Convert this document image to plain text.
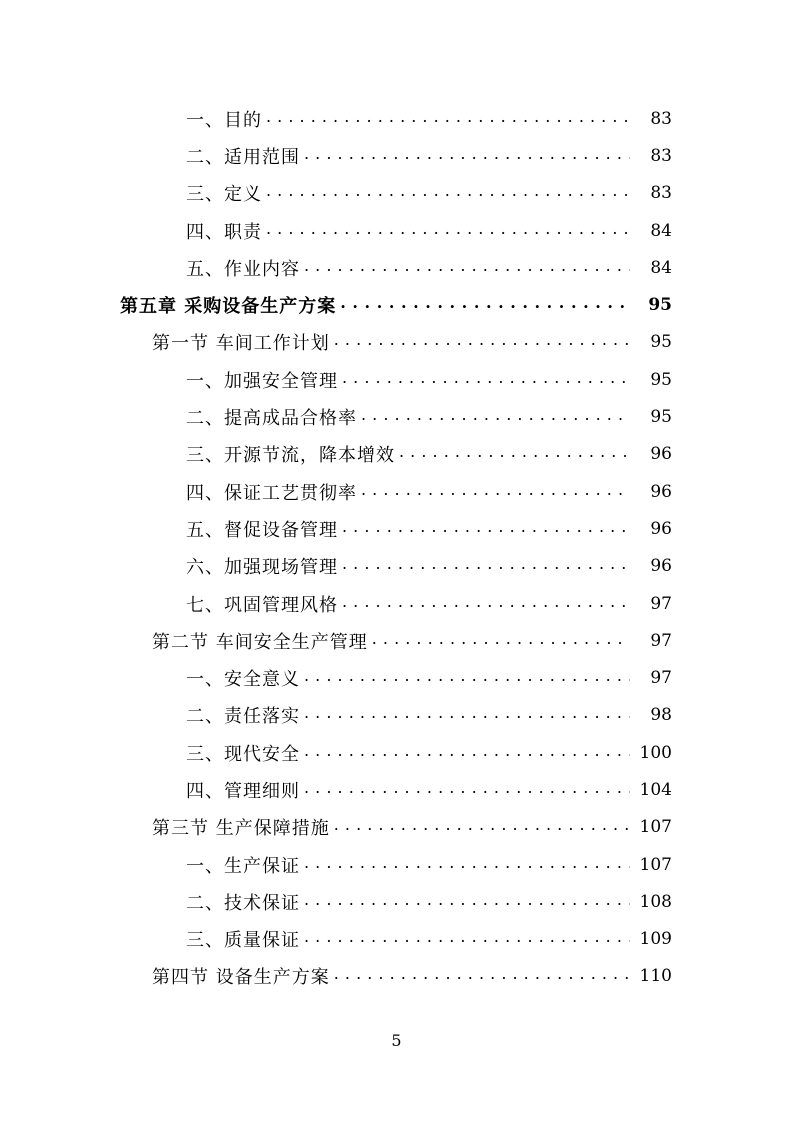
一、目的 . . .	83
二、适用范围 . . .	83
三、定义 . . .	83
四、职责 . . .	84
五、作业内容 . . .	84
第五章 采购设备生产方案 . . .	95
第一节 车间工作计划 . . .	95
一、加强安全管理 . . .	95
二、提高成品合格率 . . .	95
三、开源节流，降本增效 . . .	96
四、保证工艺贯彻率 . . .	96
五、督促设备管理 . . .	96
六、加强现场管理 . . .	96
七、巩固管理风格 . . .	97
第二节 车间安全生产管理 . . .	97
一、安全意义 . . .	97
二、责任落实 . . .	98
三、现代安全 . . .	100
四、管理细则 . . .	104
第三节 生产保障措施 . . .	107
一、生产保证 . . .	107
二、技术保证 . . .	108
三、质量保证 . . .	109
第四节 设备生产方案 . . .	110
5
